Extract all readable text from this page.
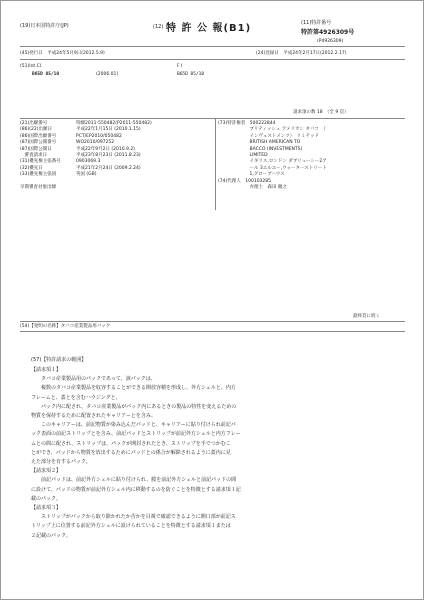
(19)日本国特許庁(JP)	(12) 特 許 公 報(B1)	(11)特許番号
特許第4926309号
(P4926309)
(45)発行日　平成24年5月9日(2012.5.9)	(24)登録日　平成24年2月17日(2012.2.17)
(51)Int.Cl.	F I
B65D 85/10	(2006.01)	B65D 85/10
請求項の数 18　（全 9 頁）
(21)出願番号	特願2011-550482(P2011-550482)
(86)(22)出願日	平成22年1月15日 (2010.1.15)
(86)国際出願番号	PCT/EP2010/050482
(87)国際公開番号	WO2010/097252
(87)国際公開日	平成22年9月2日 (2010.9.2)
　審査請求日	平成23年8月23日 (2011.8.23)
(31)優先権主張番号	0903069.3
(32)優先日	平成21年2月24日 (2009.2.24)
(33)優先権主張国	英国 (GB)
早期審査対象出願
(73)特許権者　500222844
　　　　　　　ブリティッシュ アメリカン タバコ　（
　　　　　　　インヴェストメンツ）　リミテッド
　　　　　　　BRITISH AMERICAN TO
　　　　　　　BACCO (INVESTMENTS)
　　　　　　　LIMITED
　　　　　　　イギリス,ロンドン ダブリューシー2ア
　　　　　　　ール 3エルエー,ウォーターストリート
　　　　　　　1,グローブハウス
(74)代理人　100103285
　　　　　　　弁理士　森田 順之
最終頁に続く
(54)【発明の名称】タバコ産業製品用パック
(57)【特許請求の範囲】

【請求項１】

タバコ産業製品用のパックであって、該パックは、

複数のタバコ産業製品を収容することができる開放容積を形成し、外方シェルと、内方

フレームと、蓋とを含むハウジングと、

パック内に配され、タバコ産業製品がパック内にあるときの製品の特性を変えるための

物質を保持するために配置されたキャリアーとを含み、

このキャリアーは、前記物質が染み込んだパッドと、キャリアーに貼り付けられ前記パ

ック表面の前記ストリップとを含み、前記パッドとストリップが前記外方シェルと内方フレー

ムとの間に配され、ストリップは、パックが開封されたとき、ストリップを手でつかむこ

とができ、パッドから物質を放出するためにパッドとの係合が解除されるように蓋内に見

えた部分を有するパック。

【請求項２】

前記パッドは、前記外方シェルに貼り付けられ、膜を前記外方シェルと前記パッドの間

に設けて、パッドの物質が前記外方シェル内に移動するのを防ぐことを特徴とする請求項１記

載のパック。

【請求項３】

ストリップがパックから取り除かれたか否かを目視で確認できるように開口部が前記ス

トリップ上に位置する前記外方シェルに設けられていることを特徴とする請求項１または

２記載のパック。
